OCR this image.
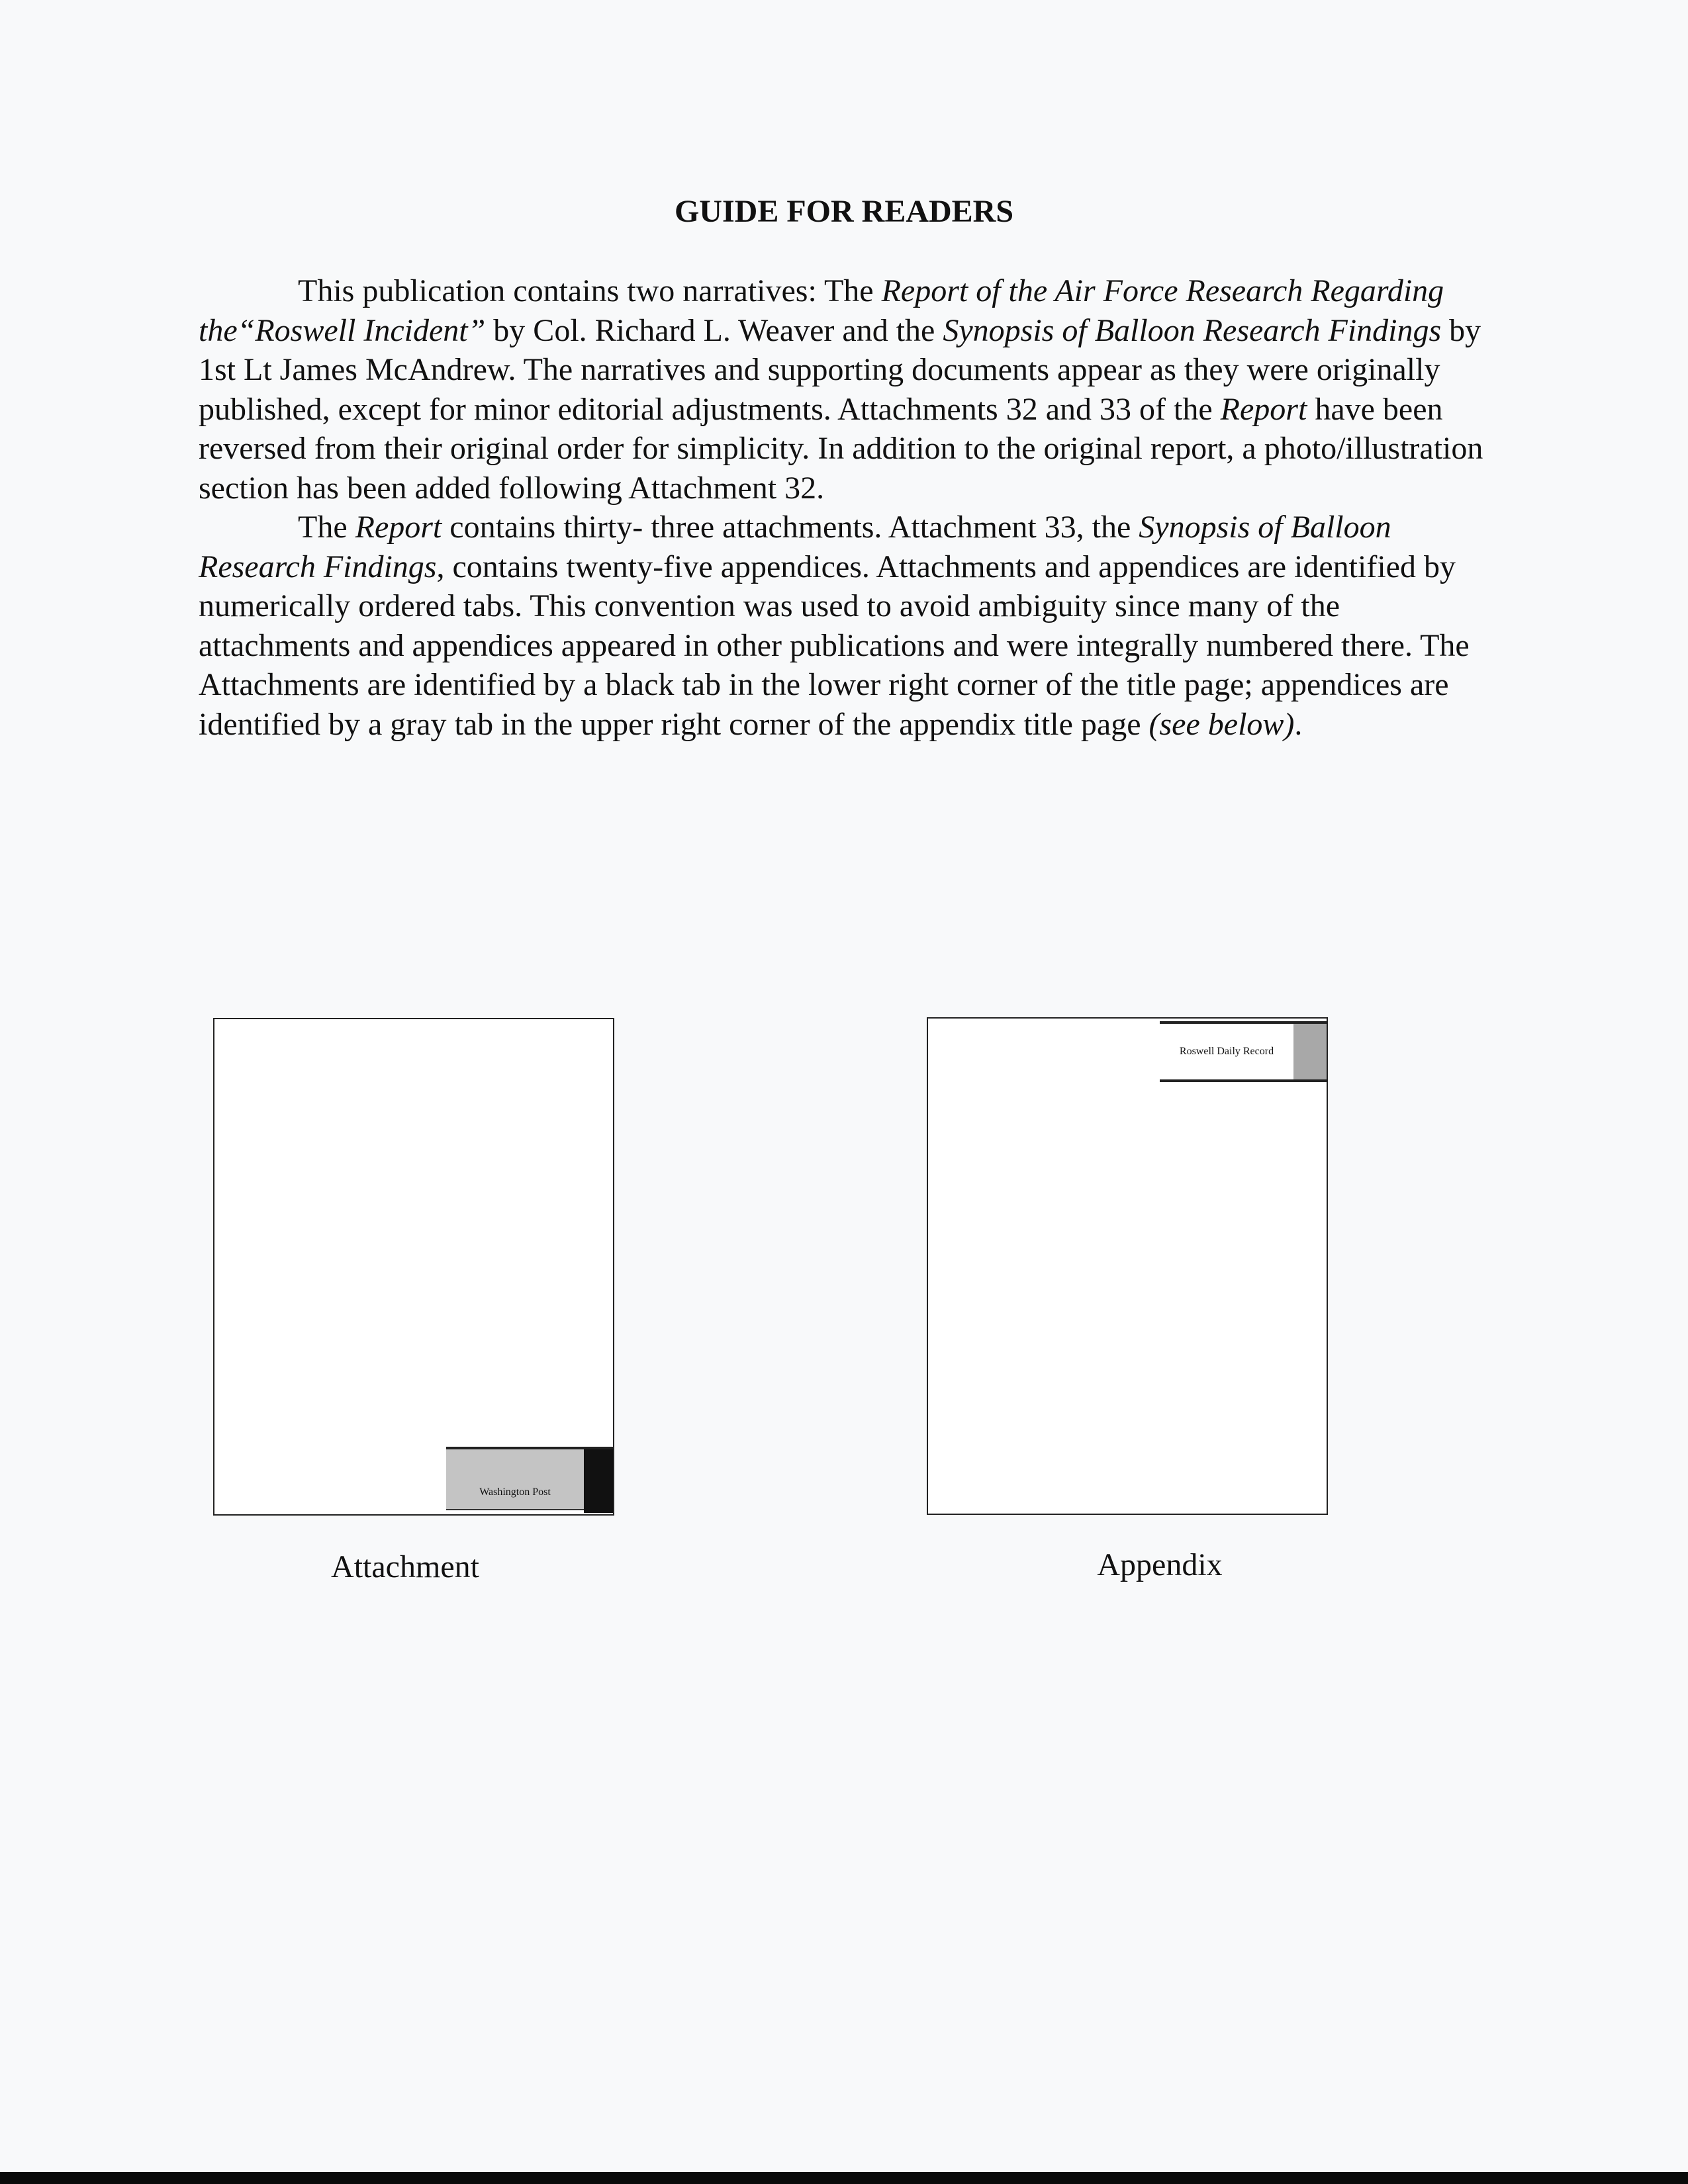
GUIDE FOR READERS

This publication contains two narratives: The Report of the Air Force Research Regarding the“Roswell Incident” by Col. Richard L. Weaver and the Synopsis of Balloon Research Findings by 1st Lt James McAndrew. The narratives and supporting documents appear as they were originally published, except for minor editorial adjustments. Attachments 32 and 33 of the Report have been reversed from their original order for simplicity. In addition to the original report, a photo/illustration section has been added following Attachment 32.

The Report contains thirty- three attachments. Attachment 33, the Synopsis of Balloon Research Findings, contains twenty-five appendices. Attachments and appendices are identified by numerically ordered tabs. This convention was used to avoid ambiguity since many of the attachments and appendices appeared in other publications and were integrally numbered there. The Attachments are identified by a black tab in the lower right corner of the title page; appendices are identified by a gray tab in the upper right corner of the appendix title page (see below).

Washington Post
Roswell Daily Record
Attachment	Appendix
